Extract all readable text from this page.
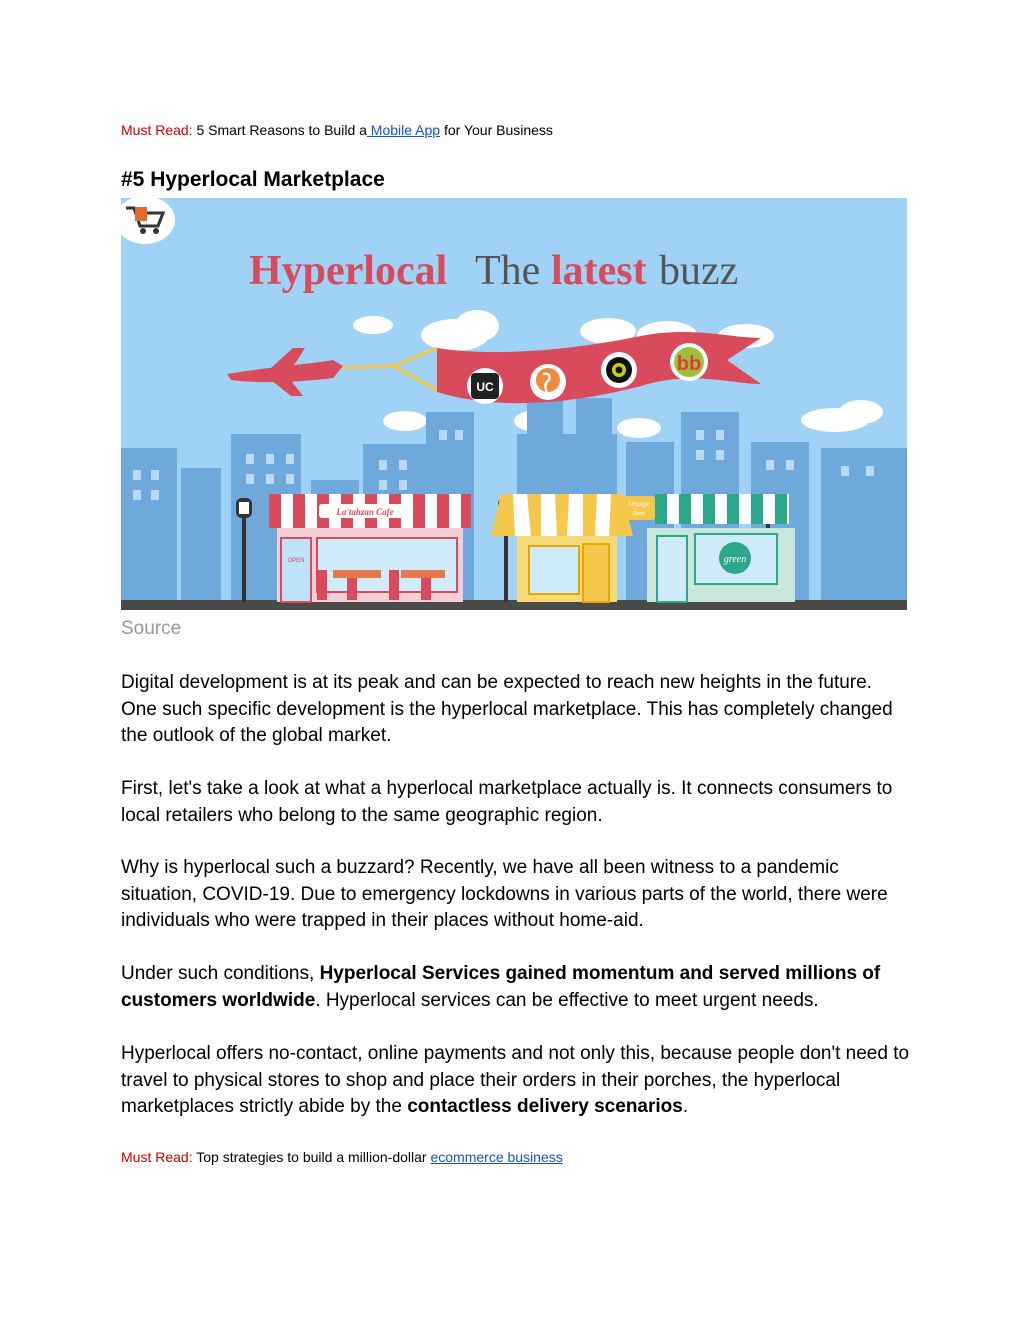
Must Read: 5 Smart Reasons to Build a Mobile App for Your Business
#5 Hyperlocal Marketplace
Hyperlocal The latest buzz
UC
bb
La'tahzan Cafe
OPEN
Orange
Store
green
Source

Digital development is at its peak and can be expected to reach new heights in the future. One such specific development is the hyperlocal marketplace. This has completely changed the outlook of the global market.

First, let's take a look at what a hyperlocal marketplace actually is. It connects consumers to local retailers who belong to the same geographic region.

Why is hyperlocal such a buzzard? Recently, we have all been witness to a pandemic situation, COVID-19. Due to emergency lockdowns in various parts of the world, there were individuals who were trapped in their places without home-aid.

Under such conditions, Hyperlocal Services gained momentum and served millions of customers worldwide. Hyperlocal services can be effective to meet urgent needs.

Hyperlocal offers no-contact, online payments and not only this, because people don't need to travel to physical stores to shop and place their orders in their porches, the hyperlocal marketplaces strictly abide by the contactless delivery scenarios.

Must Read: Top strategies to build a million-dollar ecommerce business
